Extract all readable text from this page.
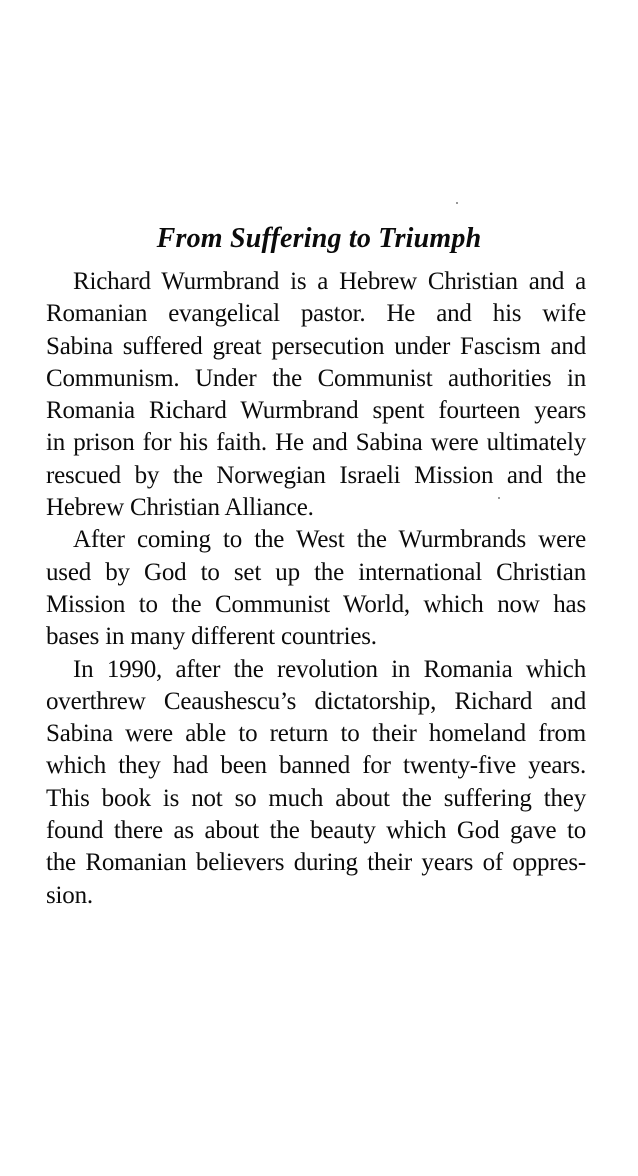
From Suffering to Triumph

Richard Wurmbrand is a Hebrew Christian and a

Romanian evangelical pastor. He and his wife

Sabina suffered great persecution under Fascism and

Communism. Under the Communist authorities in

Romania Richard Wurmbrand spent fourteen years

in prison for his faith. He and Sabina were ultimately

rescued by the Norwegian Israeli Mission and the

Hebrew Christian Alliance.

After coming to the West the Wurmbrands were

used by God to set up the international Christian

Mission to the Communist World, which now has

bases in many different countries.

In 1990, after the revolution in Romania which

overthrew Ceaushescu’s dictatorship, Richard and

Sabina were able to return to their homeland from

which they had been banned for twenty-five years.

This book is not so much about the suffering they

found there as about the beauty which God gave to

the Romanian believers during their years of oppres-

sion.
